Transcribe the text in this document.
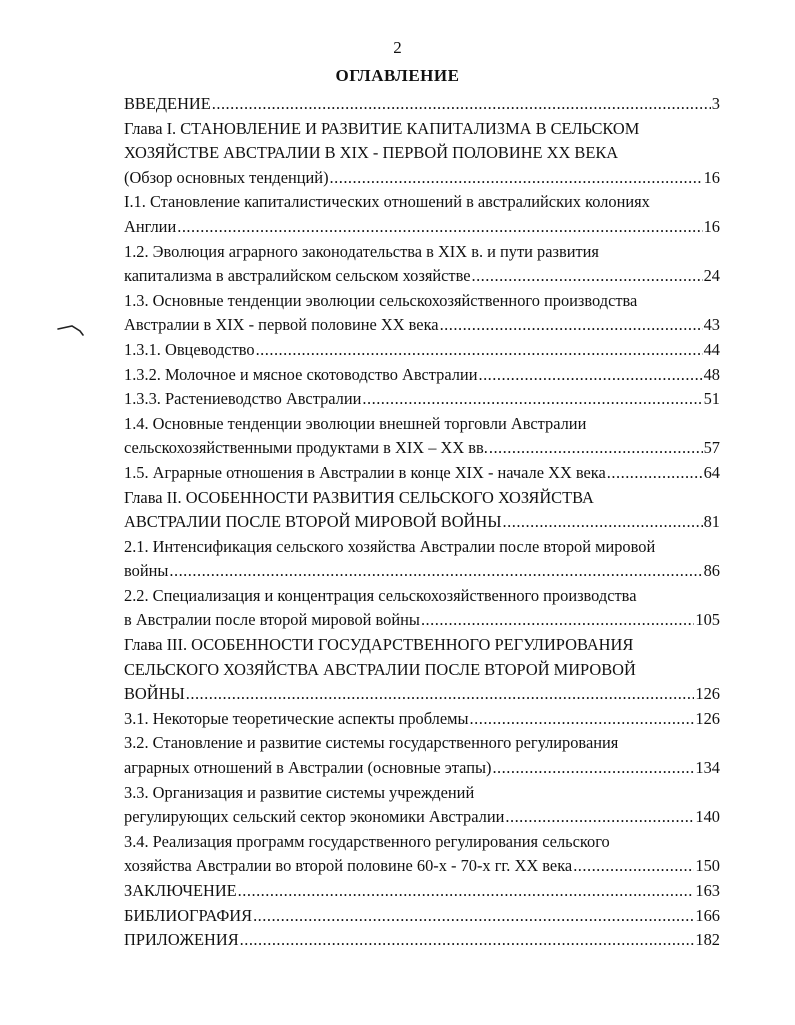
2
ОГЛАВЛЕНИЕ
ВВЕДЕНИЕ .....	3
Глава I. СТАНОВЛЕНИЕ И РАЗВИТИЕ КАПИТАЛИЗМА В СЕЛЬСКОМ
ХОЗЯЙСТВЕ АВСТРАЛИИ В XIX - ПЕРВОЙ ПОЛОВИНЕ XX ВЕКА
(Обзор основных тенденций) .....	16
I.1. Становление капиталистических отношений в австралийских колониях
Англии .....	16
1.2. Эволюция аграрного законодательства в XIX в. и пути развития
капитализма в австралийском сельском хозяйстве .....	24
1.3. Основные тенденции эволюции сельскохозяйственного производства
Австралии в XIX - первой половине XX века .....	43
1.3.1. Овцеводство .....	44
1.3.2. Молочное и мясное скотоводство Австралии .....	48
1.3.3. Растениеводство Австралии .....	51
1.4. Основные тенденции эволюции внешней торговли Австралии
сельскохозяйственными продуктами в XIX – XX вв. .....	57
1.5. Аграрные отношения в Австралии в конце XIX - начале XX века .....	64
Глава II. ОСОБЕННОСТИ РАЗВИТИЯ СЕЛЬСКОГО ХОЗЯЙСТВА
АВСТРАЛИИ ПОСЛЕ ВТОРОЙ МИРОВОЙ ВОЙНЫ .....	81
2.1. Интенсификация сельского хозяйства Австралии после второй мировой
войны .....	86
2.2. Специализация и концентрация сельскохозяйственного производства
в Австралии после второй мировой войны .....	105
Глава III. ОСОБЕННОСТИ ГОСУДАРСТВЕННОГО РЕГУЛИРОВАНИЯ
СЕЛЬСКОГО ХОЗЯЙСТВА АВСТРАЛИИ ПОСЛЕ ВТОРОЙ МИРОВОЙ
ВОЙНЫ .....	126
3.1. Некоторые теоретические аспекты проблемы .....	126
3.2. Становление и развитие системы государственного регулирования
аграрных отношений в Австралии (основные этапы) .....	134
3.3. Организация и развитие системы учреждений
регулирующих сельский сектор экономики Австралии .....	140
3.4. Реализация программ государственного регулирования сельского
хозяйства Австралии во второй половине 60-х - 70-х гг. XX века .....	150
ЗАКЛЮЧЕНИЕ .....	163
БИБЛИОГРАФИЯ .....	166
ПРИЛОЖЕНИЯ .....	182
